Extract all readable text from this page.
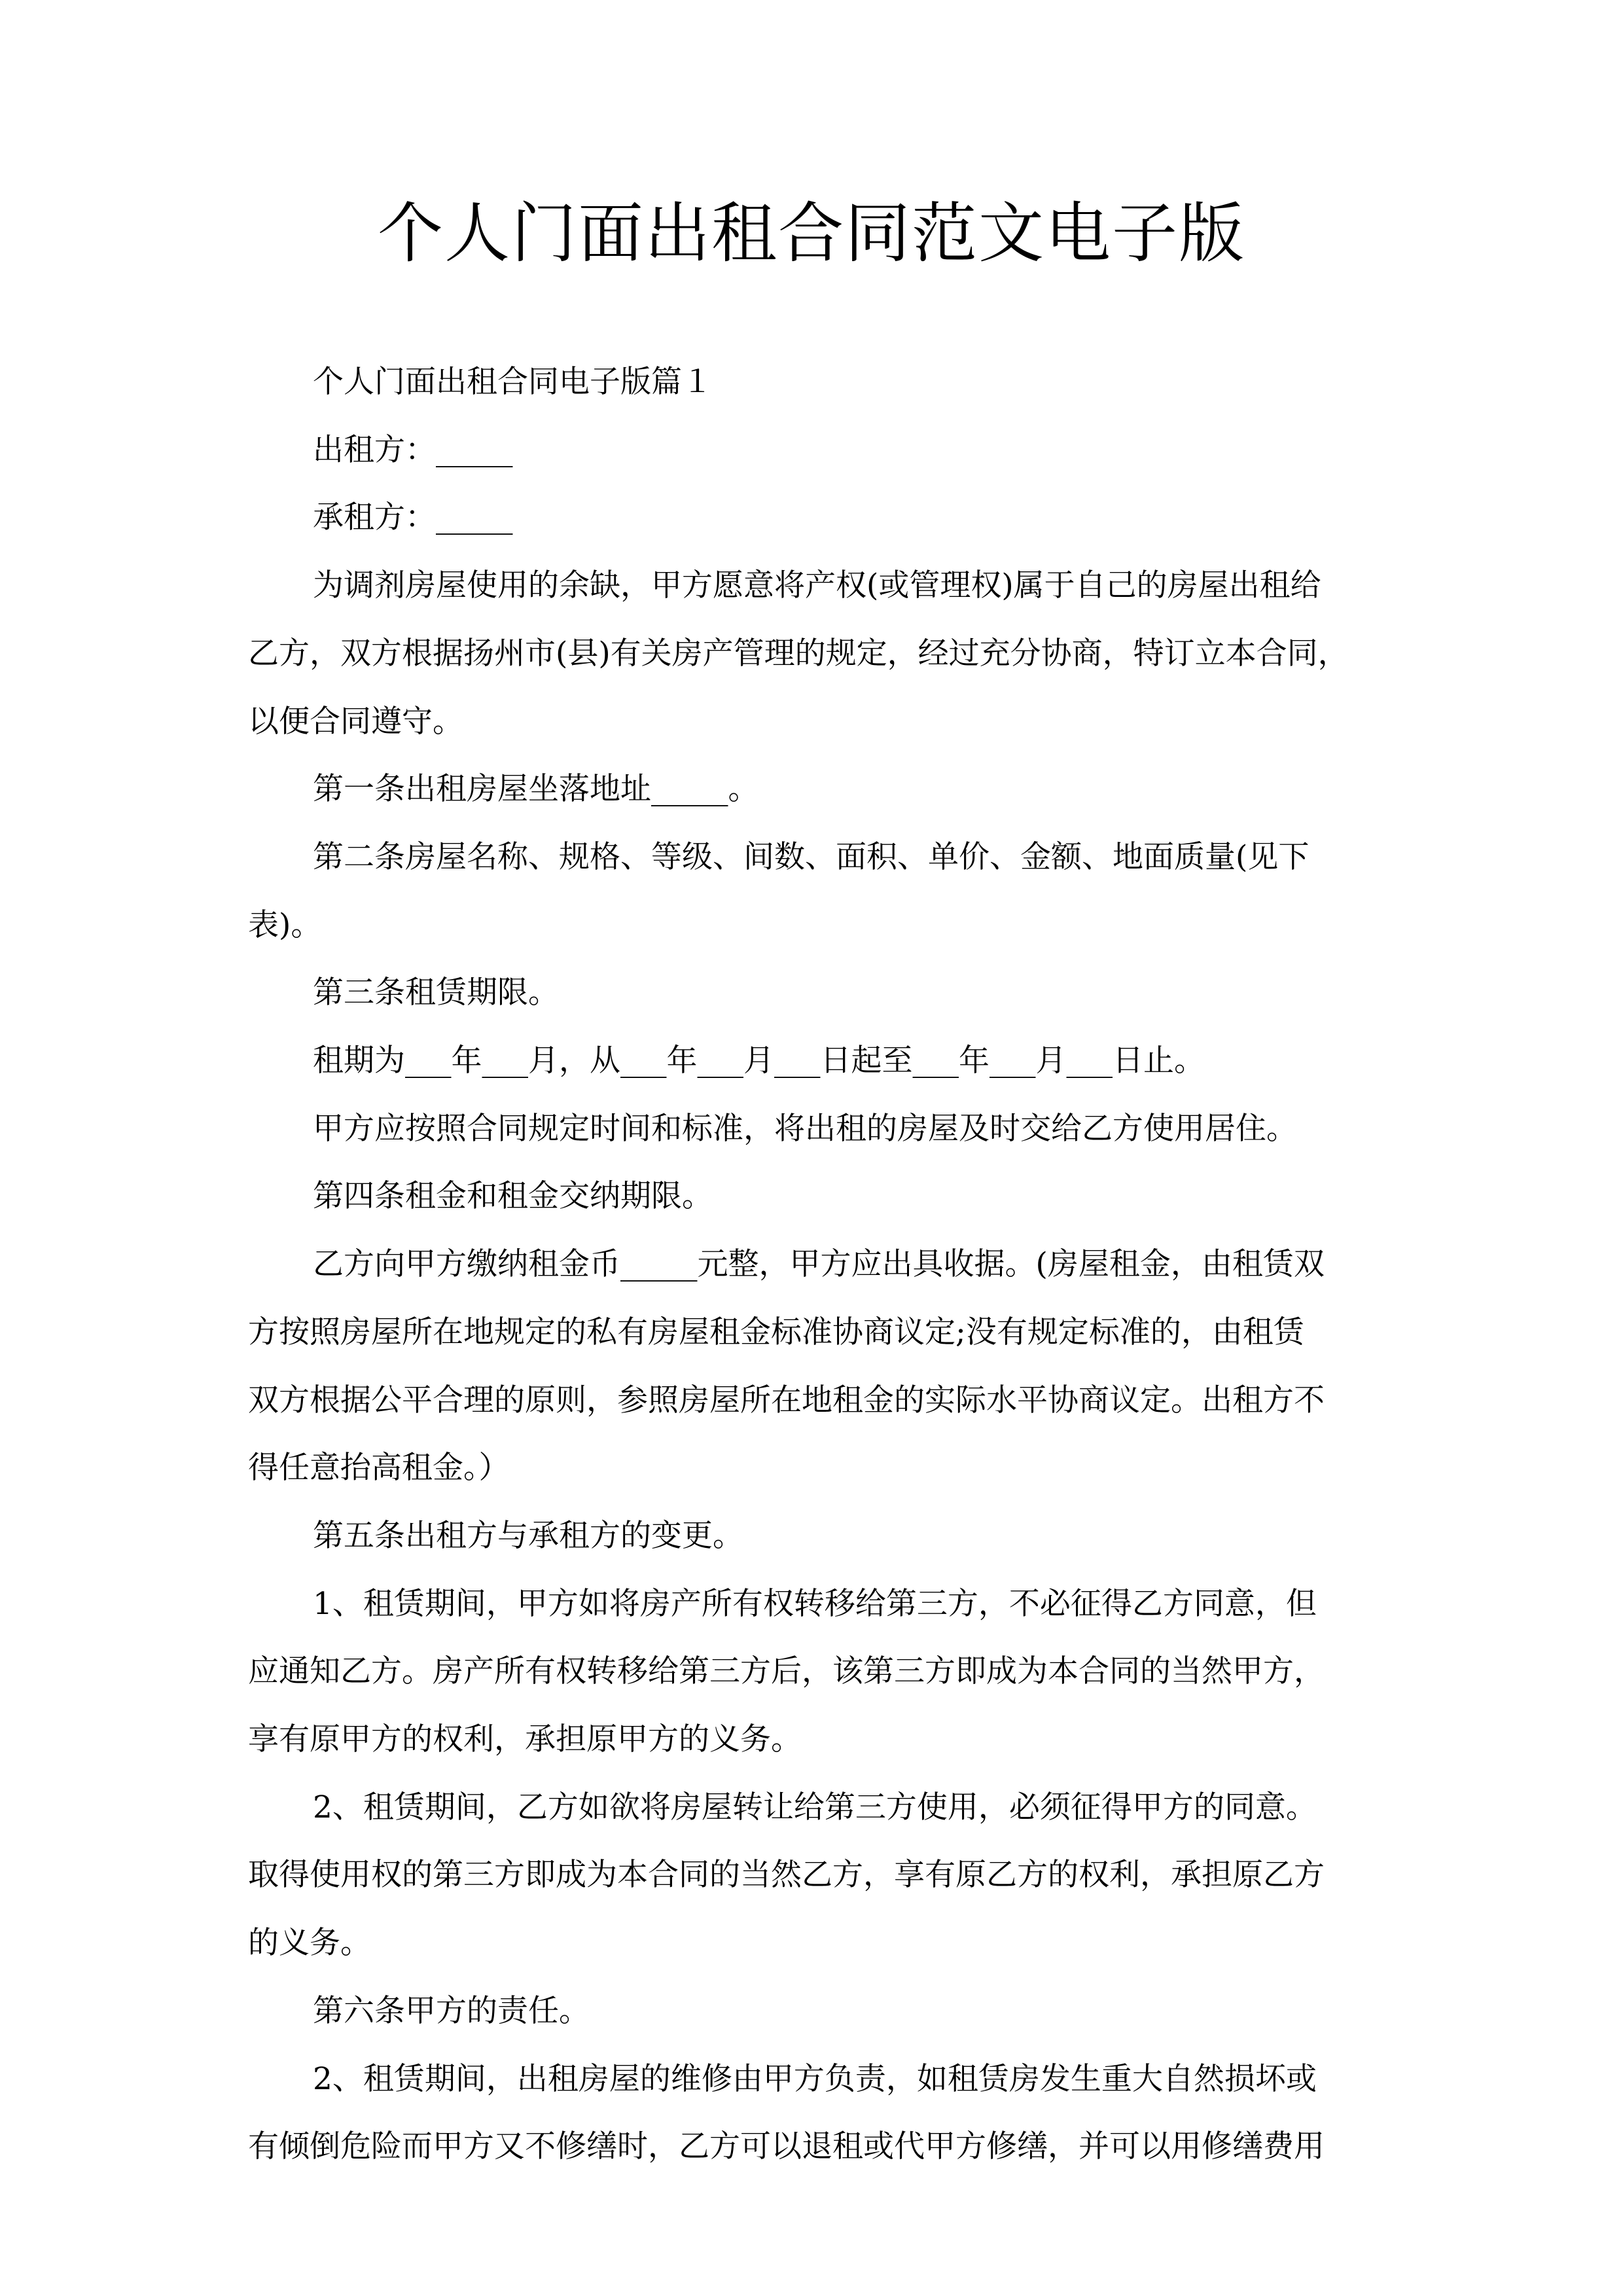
个人门面出租合同范文电子版

个人门面出租合同电子版篇１

出租方：_____

承租方：_____

为调剂房屋使用的余缺，甲方愿意将产权(或管理权)属于自己的房屋出租给
乙方，双方根据扬州市(县)有关房产管理的规定，经过充分协商，特订立本合同，
以便合同遵守。

第一条出租房屋坐落地址_____。

第二条房屋名称、规格、等级、间数、面积、单价、金额、地面质量(见下
表)。

第三条租赁期限。

租期为___年___月，从___年___月___日起至___年___月___日止。

甲方应按照合同规定时间和标准，将出租的房屋及时交给乙方使用居住。

第四条租金和租金交纳期限。

乙方向甲方缴纳租金币_____元整，甲方应出具收据。(房屋租金，由租赁双
方按照房屋所在地规定的私有房屋租金标准协商议定;没有规定标准的，由租赁
双方根据公平合理的原则，参照房屋所在地租金的实际水平协商议定。出租方不
得任意抬高租金。）

第五条出租方与承租方的变更。

1、租赁期间，甲方如将房产所有权转移给第三方，不必征得乙方同意，但
应通知乙方。房产所有权转移给第三方后，该第三方即成为本合同的当然甲方，
享有原甲方的权利，承担原甲方的义务。

2、租赁期间，乙方如欲将房屋转让给第三方使用，必须征得甲方的同意。
取得使用权的第三方即成为本合同的当然乙方，享有原乙方的权利，承担原乙方
的义务。

第六条甲方的责任。

2、租赁期间，出租房屋的维修由甲方负责，如租赁房发生重大自然损坏或
有倾倒危险而甲方又不修缮时，乙方可以退租或代甲方修缮，并可以用修缮费用
